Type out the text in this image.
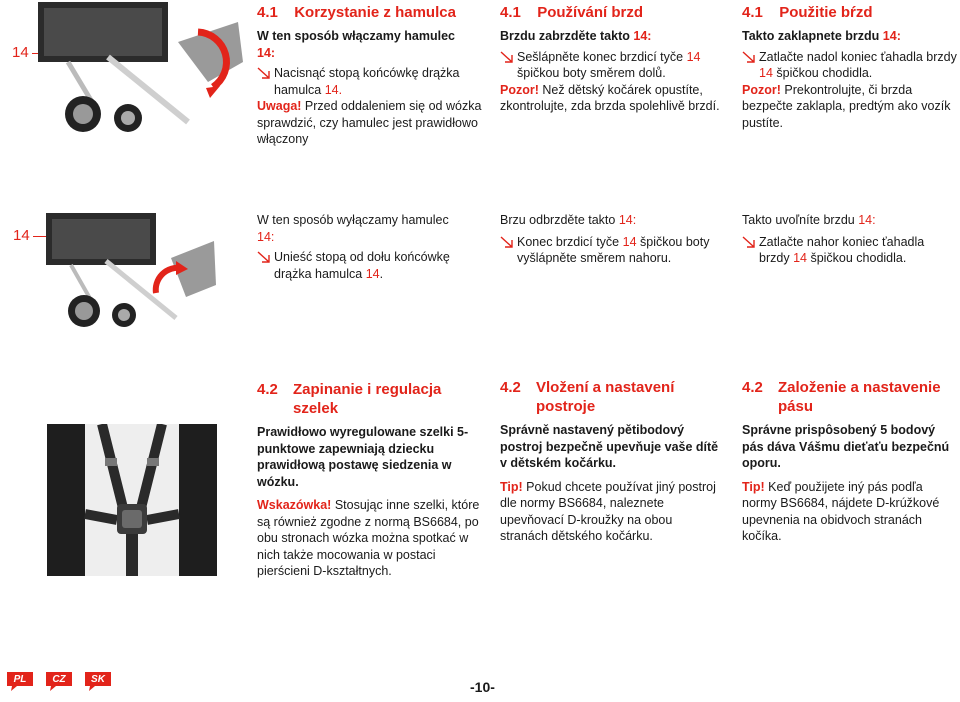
14
4.1 Korzystanie z hamulca
W ten sposób włączamy hamulec
14:
Nacisnąć stopą końcówkę drążka hamulca 14.
Uwaga! Przed oddaleniem się od wózka sprawdzić, czy hamulec jest prawidłowo włączony
4.1 Používání brzd
Brzdu zabrzděte takto 14:
Sešlápněte konec brzdicí tyče 14 špičkou boty směrem dolů.
Pozor! Než dětský kočárek opustíte, zkontrolujte, zda brzda spolehlivě brzdí.
4.1 Použitie bŕzd
Takto zaklapnete brzdu 14:
Zatlačte nadol koniec ťahadla brzdy 14 špičkou chodidla.
Pozor! Prekontrolujte, či brzda bezpečte zaklapla, predtým ako vozík pustíte.
14
W ten sposób wyłączamy hamulec
14:
Unieść stopą od dołu końcówkę drążka hamulca 14.
Brzu odbrzděte takto 14:
Konec brzdicí tyče 14 špičkou boty vyšlápněte směrem nahoru.
Takto uvoľníte brzdu 14:
Zatlačte nahor koniec ťahadla brzdy 14 špičkou chodidla.
4.2	Zapinanie i regulacja szelek
Prawidłowo wyregulowane szelki 5-punktowe zapewniają dziecku prawidłową postawę siedzenia w wózku.
Wskazówka! Stosując inne szelki, które są również zgodne z normą BS6684, po obu stronach wózka można spotkać w nich także mocowania w postaci pierścieni D-kształtnych.
4.2	Vložení a nastavení postroje
Správně nastavený pětibodový postroj bezpečně upevňuje vaše dítě v dětském kočárku.
Tip! Pokud chcete používat jiný postroj dle normy BS6684, naleznete upevňovací D-kroužky na obou stranách dětského kočárku.
4.2	Založenie a nastavenie pásu
Správne prispôsobený 5 bodový pás dáva Vášmu dieťaťu bezpečnú oporu.
Tip! Keď použijete iný pás podľa normy BS6684, nájdete D-krúžkové upevnenia na obidvoch stranách kočíka.
PL	CZ	SK	-10-
